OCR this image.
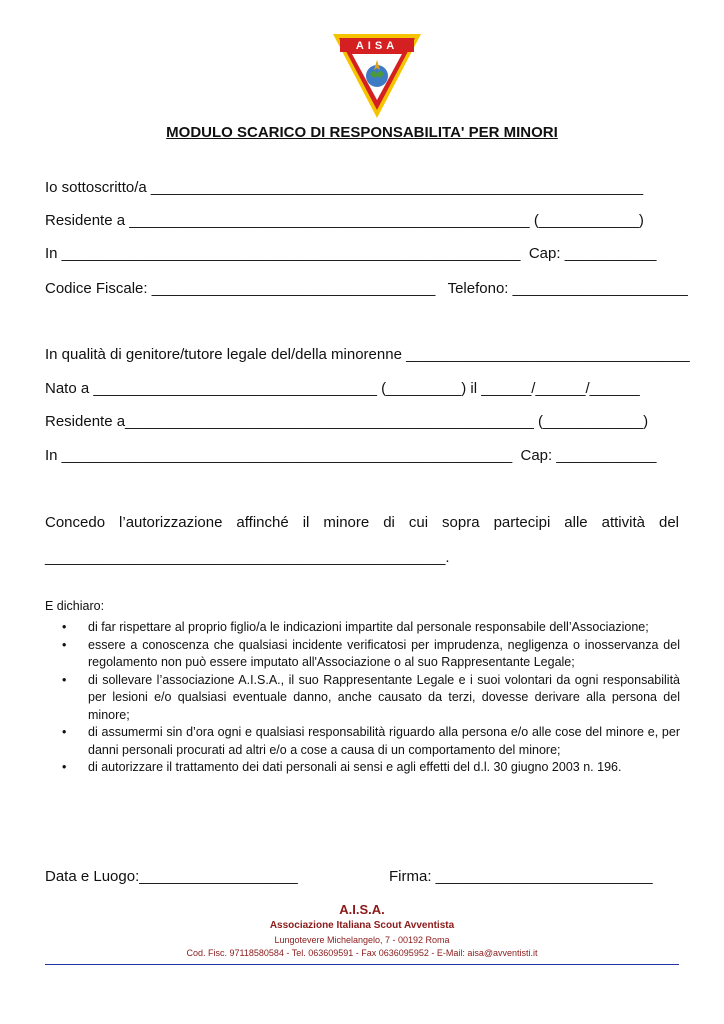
AISA
MODULO SCARICO DI RESPONSABILITA' PER MINORI
Io sottoscritto/a ___________________________________________________________
Residente a ________________________________________________ (____________)
In _______________________________________________________  Cap: ___________
Codice Fiscale: __________________________________   Telefono: _____________________
In qualità di genitore/tutore legale del/della minorenne __________________________________
Nato a __________________________________ (_________) il ______/______/______
Residente a_________________________________________________ (____________)
In ______________________________________________________  Cap: ____________
Concedo l’autorizzazione affinché il minore di cui sopra partecipi alle attività del
________________________________________________.
E dichiaro:
• di far rispettare al proprio figlio/a le indicazioni impartite dal personale responsabile dell’Associazione;
• essere a conoscenza che qualsiasi incidente verificatosi per imprudenza, negligenza o inosservanza del regolamento non può essere imputato all'Associazione o al suo Rappresentante Legale;
• di sollevare l’associazione A.I.S.A., il suo Rappresentante Legale e i suoi volontari da ogni responsabilità per lesioni e/o qualsiasi eventuale danno, anche causato da terzi, dovesse derivare alla persona del minore;
• di assumermi sin d’ora ogni e qualsiasi responsabilità riguardo alla persona e/o alle cose del minore e, per danni personali procurati ad altri e/o a cose a causa di un comportamento del minore;
• di autorizzare il trattamento dei dati personali ai sensi e agli effetti del d.l. 30 giugno 2003 n. 196.
Data e Luogo:___________________	Firma: __________________________
A.I.S.A.
Associazione Italiana Scout Avventista
Lungotevere Michelangelo, 7 - 00192 Roma
Cod. Fisc. 97118580584 - Tel. 063609591 - Fax 0636095952 - E-Mail: aisa@avventisti.it
